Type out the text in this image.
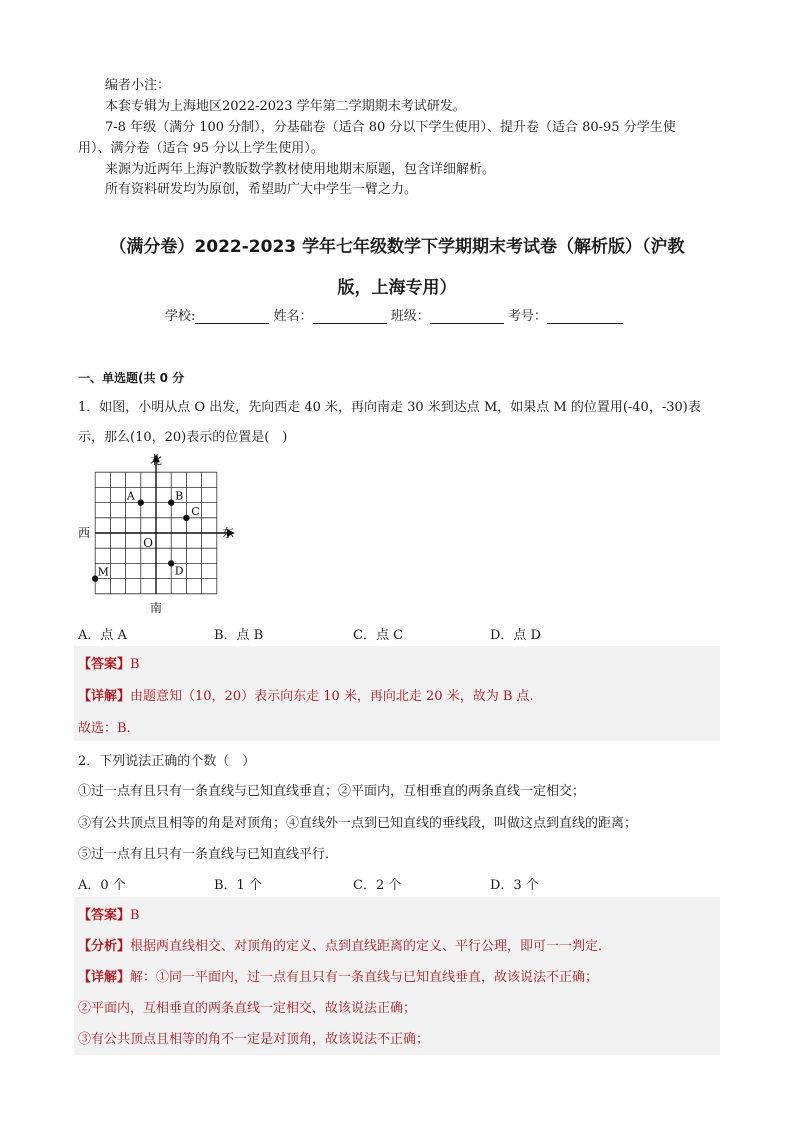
编者小注：
本套专辑为上海地区2022-2023 学年第二学期期末考试研发。
7-8 年级（满分 100 分制），分基础卷（适合 80 分以下学生使用）、提升卷（适合 80-95 分学生使
用）、满分卷（适合 95 分以上学生使用）。
来源为近两年上海沪教版数学教材使用地期末原题，包含详细解析。
所有资料研发均为原创，希望助广大中学生一臂之力。
（满分卷）2022-2023 学年七年级数学下学期期末考试卷（解析版）（沪教
版，上海专用）
学校:	姓名：	班级：	考号：
一、单选题(共 0 分
1．如图，小明从点 O 出发，先向西走 40 米，再向南走 30 米到达点 M，如果点 M 的位置用(-40，-30)表
示，那么(10，20)表示的位置是(　)
北
南
西	东
O
A	B
C
D
M
A．点 A	B．点 B	C．点 C	D．点 D
【答案】B
【详解】由题意知（10，20）表示向东走 10 米，再向北走 20 米，故为 B 点.
故选：B.
2．下列说法正确的个数（　）
①过一点有且只有一条直线与已知直线垂直；②平面内，互相垂直的两条直线一定相交；
③有公共顶点且相等的角是对顶角；④直线外一点到已知直线的垂线段，叫做这点到直线的距离；
⑤过一点有且只有一条直线与已知直线平行．
A．0 个	B．1 个	C．2 个	D．3 个
【答案】B
【分析】根据两直线相交、对顶角的定义、点到直线距离的定义、平行公理，即可一一判定．
【详解】解：①同一平面内，过一点有且只有一条直线与已知直线垂直，故该说法不正确；
②平面内，互相垂直的两条直线一定相交，故该说法正确；
③有公共顶点且相等的角不一定是对顶角，故该说法不正确；
